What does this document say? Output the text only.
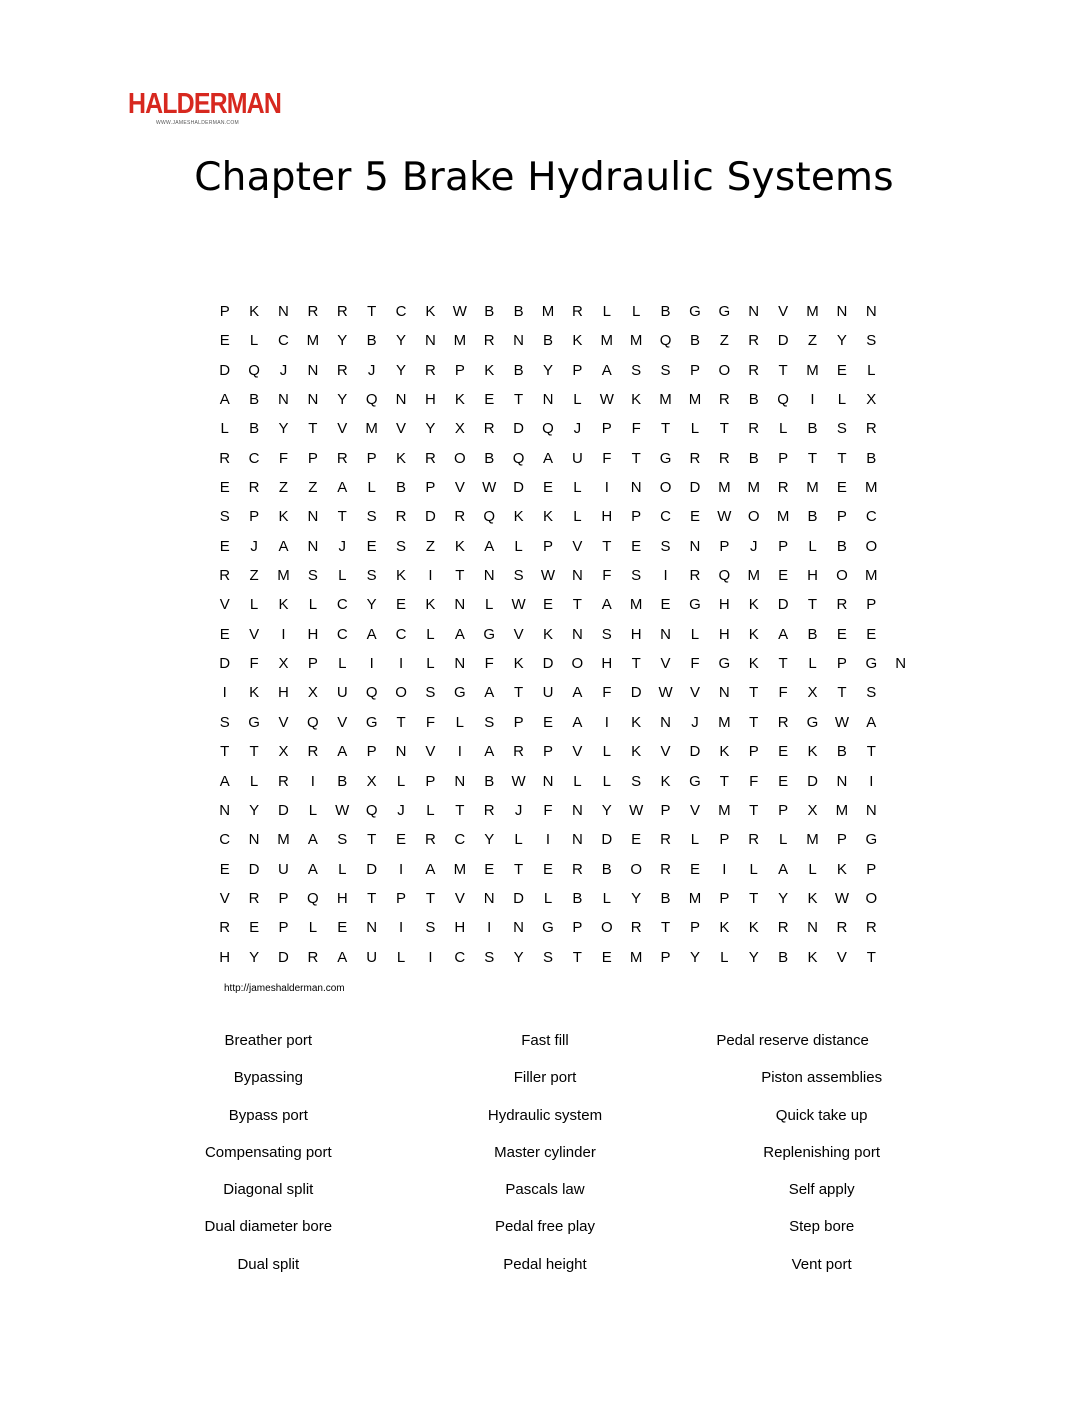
HALDERMAN
WWW.JAMESHALDERMAN.COM
Chapter 5 Brake Hydraulic Systems
P	K	N	R	R	T	C	K	W	B	B	M	R	L	L	B	G	G	N	V	M	N	N
E	L	C	M	Y	B	Y	N	M	R	N	B	K	M	M	Q	B	Z	R	D	Z	Y	S
D	Q	J	N	R	J	Y	R	P	K	B	Y	P	A	S	S	P	O	R	T	M	E	L
A	B	N	N	Y	Q	N	H	K	E	T	N	L	W	K	M	M	R	B	Q	I	L	X
L	B	Y	T	V	M	V	Y	X	R	D	Q	J	P	F	T	L	T	R	L	B	S	R
R	C	F	P	R	P	K	R	O	B	Q	A	U	F	T	G	R	R	B	P	T	T	B
E	R	Z	Z	A	L	B	P	V	W	D	E	L	I	N	O	D	M	M	R	M	E	M
S	P	K	N	T	S	R	D	R	Q	K	K	L	H	P	C	E	W	O	M	B	P	C
E	J	A	N	J	E	S	Z	K	A	L	P	V	T	E	S	N	P	J	P	L	B	O
R	Z	M	S	L	S	K	I	T	N	S	W	N	F	S	I	R	Q	M	E	H	O	M
V	L	K	L	C	Y	E	K	N	L	W	E	T	A	M	E	G	H	K	D	T	R	P
E	V	I	H	C	A	C	L	A	G	V	K	N	S	H	N	L	H	K	A	B	E	E
D	F	X	P	L	I	I	L	N	F	K	D	O	H	T	V	F	G	K	T	L	P	G	N
I	K	H	X	U	Q	O	S	G	A	T	U	A	F	D	W	V	N	T	F	X	T	S
S	G	V	Q	V	G	T	F	L	S	P	E	A	I	K	N	J	M	T	R	G	W	A
T	T	X	R	A	P	N	V	I	A	R	P	V	L	K	V	D	K	P	E	K	B	T
A	L	R	I	B	X	L	P	N	B	W	N	L	L	S	K	G	T	F	E	D	N	I
N	Y	D	L	W	Q	J	L	T	R	J	F	N	Y	W	P	V	M	T	P	X	M	N
C	N	M	A	S	T	E	R	C	Y	L	I	N	D	E	R	L	P	R	L	M	P	G
E	D	U	A	L	D	I	A	M	E	T	E	R	B	O	R	E	I	L	A	L	K	P
V	R	P	Q	H	T	P	T	V	N	D	L	B	L	Y	B	M	P	T	Y	K	W	O
R	E	P	L	E	N	I	S	H	I	N	G	P	O	R	T	P	K	K	R	N	R	R
H	Y	D	R	A	U	L	I	C	S	Y	S	T	E	M	P	Y	L	Y	B	K	V	T
http://jameshalderman.com
Breather port	Fast fill	Pedal reserve distance
Bypassing	Filler port	Piston assemblies
Bypass port	Hydraulic system	Quick take up
Compensating port	Master cylinder	Replenishing port
Diagonal split	Pascals law	Self apply
Dual diameter bore	Pedal free play	Step bore
Dual split	Pedal height	Vent port
